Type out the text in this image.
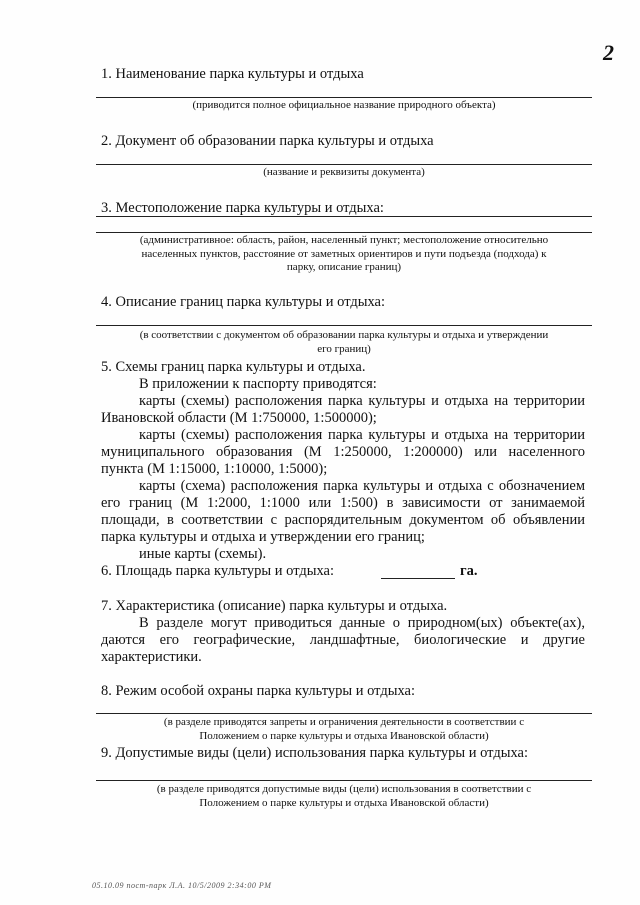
2
1. Наименование парка культуры и отдыха
(приводится полное официальное название природного объекта)
2. Документ об образовании парка культуры и отдыха
(название и реквизиты документа)
3. Местоположение парка культуры и отдыха:
(административное: область, район, населенный пункт; местоположение относительно
населенных пунктов, расстояние от заметных ориентиров и пути подъезда (подхода) к
парку, описание границ)
4. Описание границ парка культуры и отдыха:
(в соответствии с документом об образовании парка культуры и отдыха и утверждении
его границ)
5. Схемы границ парка культуры и отдыха.
В приложении к паспорту приводятся:
карты (схемы) расположения парка культуры и отдыха на территории
Ивановской области (М 1:750000, 1:500000);
карты (схемы) расположения парка культуры и отдыха на территории
муниципального образования (М 1:250000, 1:200000) или населенного
пункта (М 1:15000, 1:10000, 1:5000);
карты (схема) расположения парка культуры и отдыха с обозначением
его границ (М 1:2000, 1:1000 или 1:500) в зависимости от занимаемой
площади, в соответствии с распорядительным документом об объявлении
парка культуры и отдыха и утверждении его границ;
иные карты (схемы).
6. Площадь парка культуры и отдыха:	га.
7. Характеристика (описание) парка культуры и отдыха.
В разделе могут приводиться данные о природном(ых) объекте(ах),
даются его географические, ландшафтные, биологические и другие
характеристики.
8. Режим особой охраны парка культуры и отдыха:
(в разделе приводятся запреты и ограничения деятельности в соответствии с
Положением о парке культуры и отдыха Ивановской области)
9. Допустимые виды (цели) использования парка культуры и отдыха:
(в разделе приводятся допустимые виды (цели) использования в соответствии с
Положением о парке культуры и отдыха Ивановской области)
05.10.09 пост-парк Л.А. 10/5/2009 2:34:00 PM
